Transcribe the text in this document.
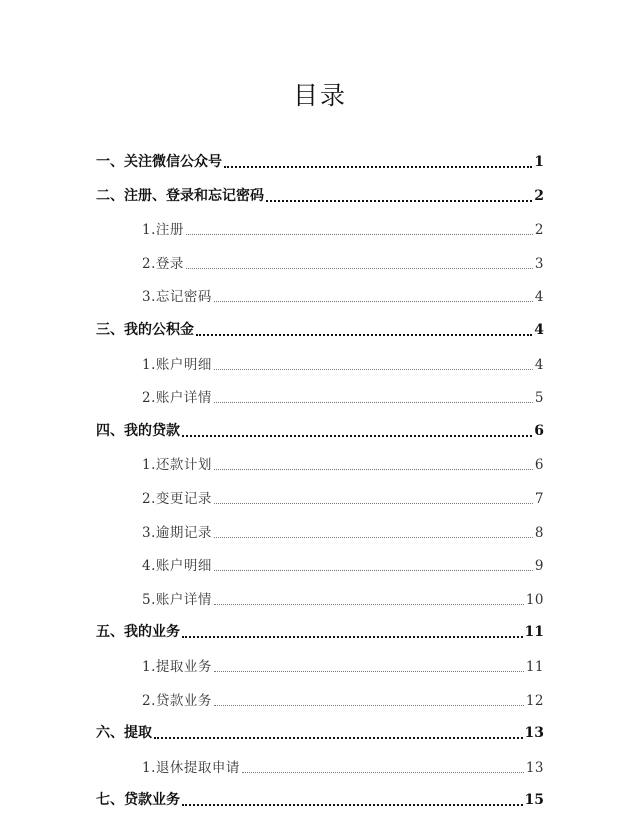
目录
一、关注微信公众号	1
二、注册、登录和忘记密码	2
1.注册	2
2.登录	3
3.忘记密码	4
三、我的公积金	4
1.账户明细	4
2.账户详情	5
四、我的贷款	6
1.还款计划	6
2.变更记录	7
3.逾期记录	8
4.账户明细	9
5.账户详情	10
五、我的业务	11
1.提取业务	11
2.贷款业务	12
六、提取	13
1.退休提取申请	13
七、贷款业务	15
